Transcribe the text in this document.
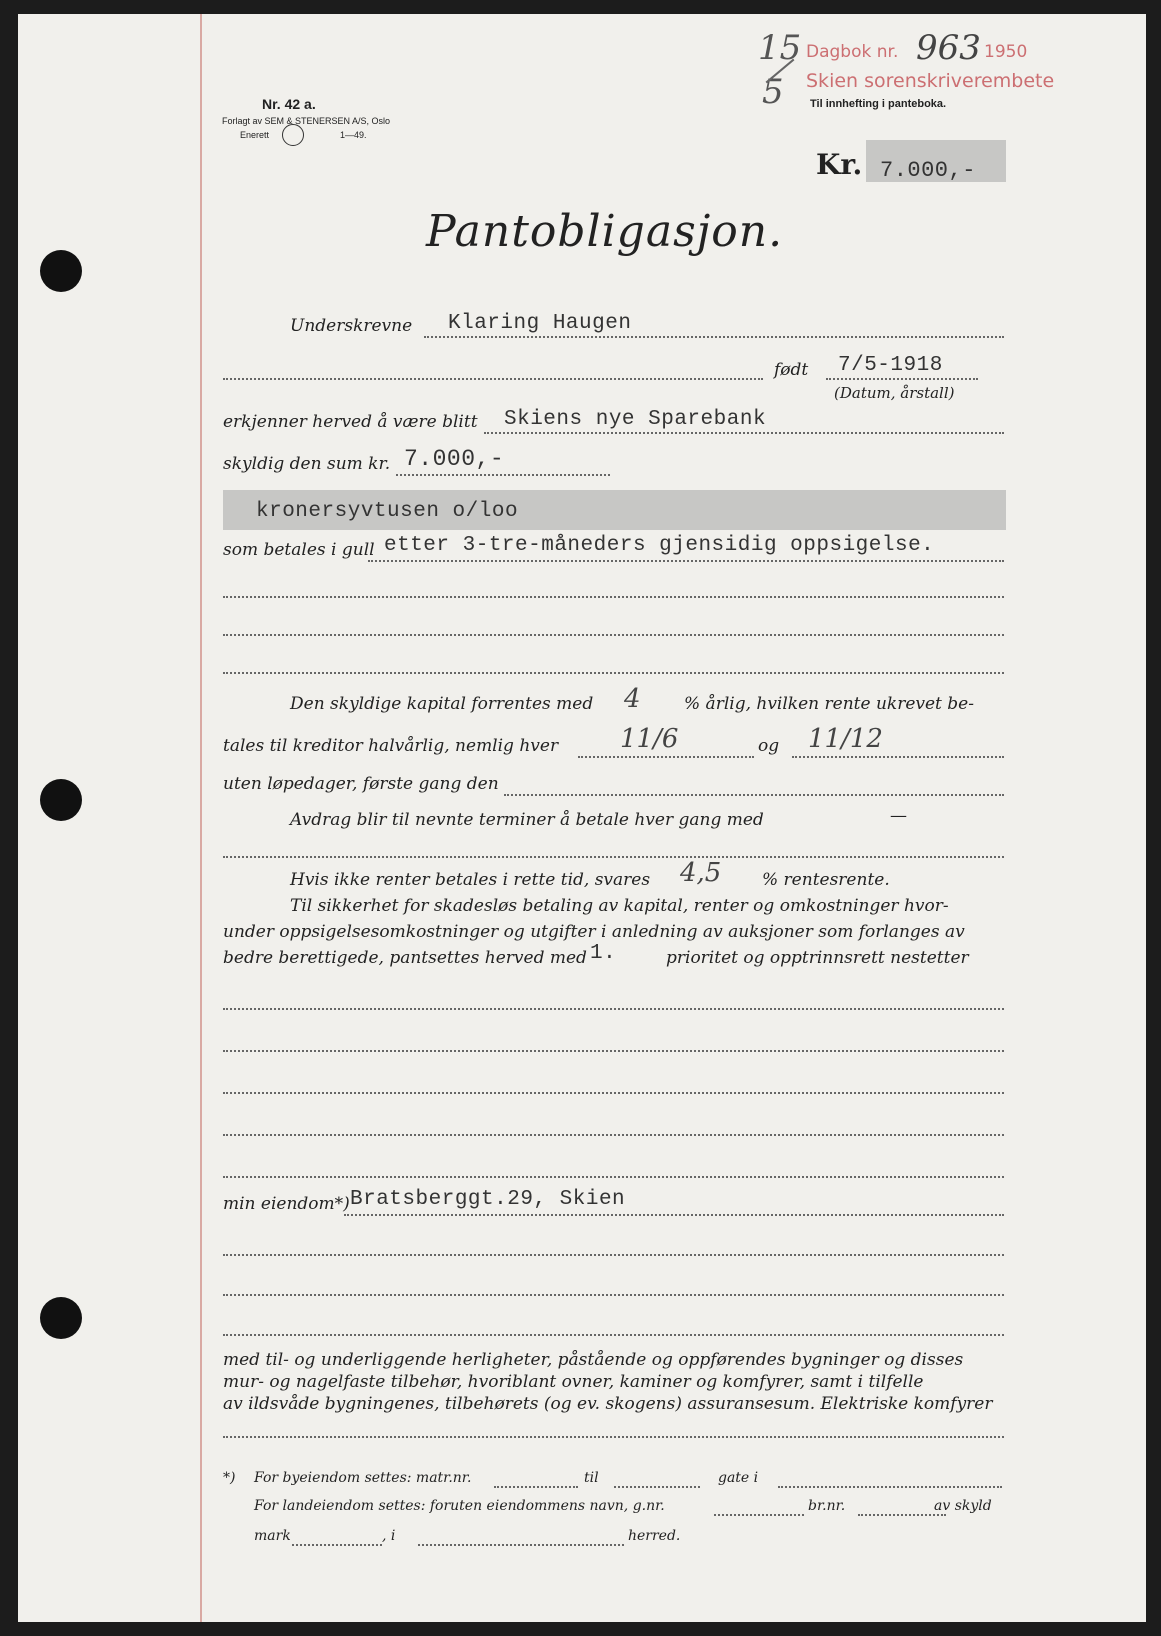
15
5
Dagbok nr. 963 1950
Skien sorenskriverembete
Til innhefting i panteboka.
Nr. 42 a.
Forlagt av SEM & STENERSEN A/S, Oslo
Enerett	1—49.
Kr. 7.000,-
Pantobligasjon.
Underskrevne Klaring Haugen
født 7/5-1918
(Datum, årstall)
erkjenner herved å være blitt Skiens nye Sparebank
skyldig den sum kr. 7.000,-
kronersyvtusen o/loo
som betales i gull etter 3-tre-måneders gjensidig oppsigelse.
Den skyldige kapital forrentes med 4	% årlig, hvilken rente ukrevet be-
tales til kreditor halvårlig, nemlig hver 11/6	og 11/12
uten løpedager, første gang den
Avdrag blir til nevnte terminer å betale hver gang med	—
Hvis ikke renter betales i rette tid, svares 4,5 % rentesrente.
Til sikkerhet for skadesløs betaling av kapital, renter og omkostninger hvor-
under oppsigelsesomkostninger og utgifter i anledning av auksjoner som forlanges av
bedre berettigede, pantsettes herved med 1.	prioritet og opptrinnsrett nestetter
min eiendom*) Bratsberggt.29, Skien
med til- og underliggende herligheter, påstående og oppførendes bygninger og disses
mur- og nagelfaste tilbehør, hvoriblant ovner, kaminer og komfyrer, samt i tilfelle
av ildsvåde bygningenes, tilbehørets (og ev. skogens) assuransesum. Elektriske komfyrer
*) For byeiendom settes: matr.nr.	til	gate i
For landeiendom settes: foruten eiendommens navn, g.nr.	br.nr.	av skyld
mark	, i	herred.
